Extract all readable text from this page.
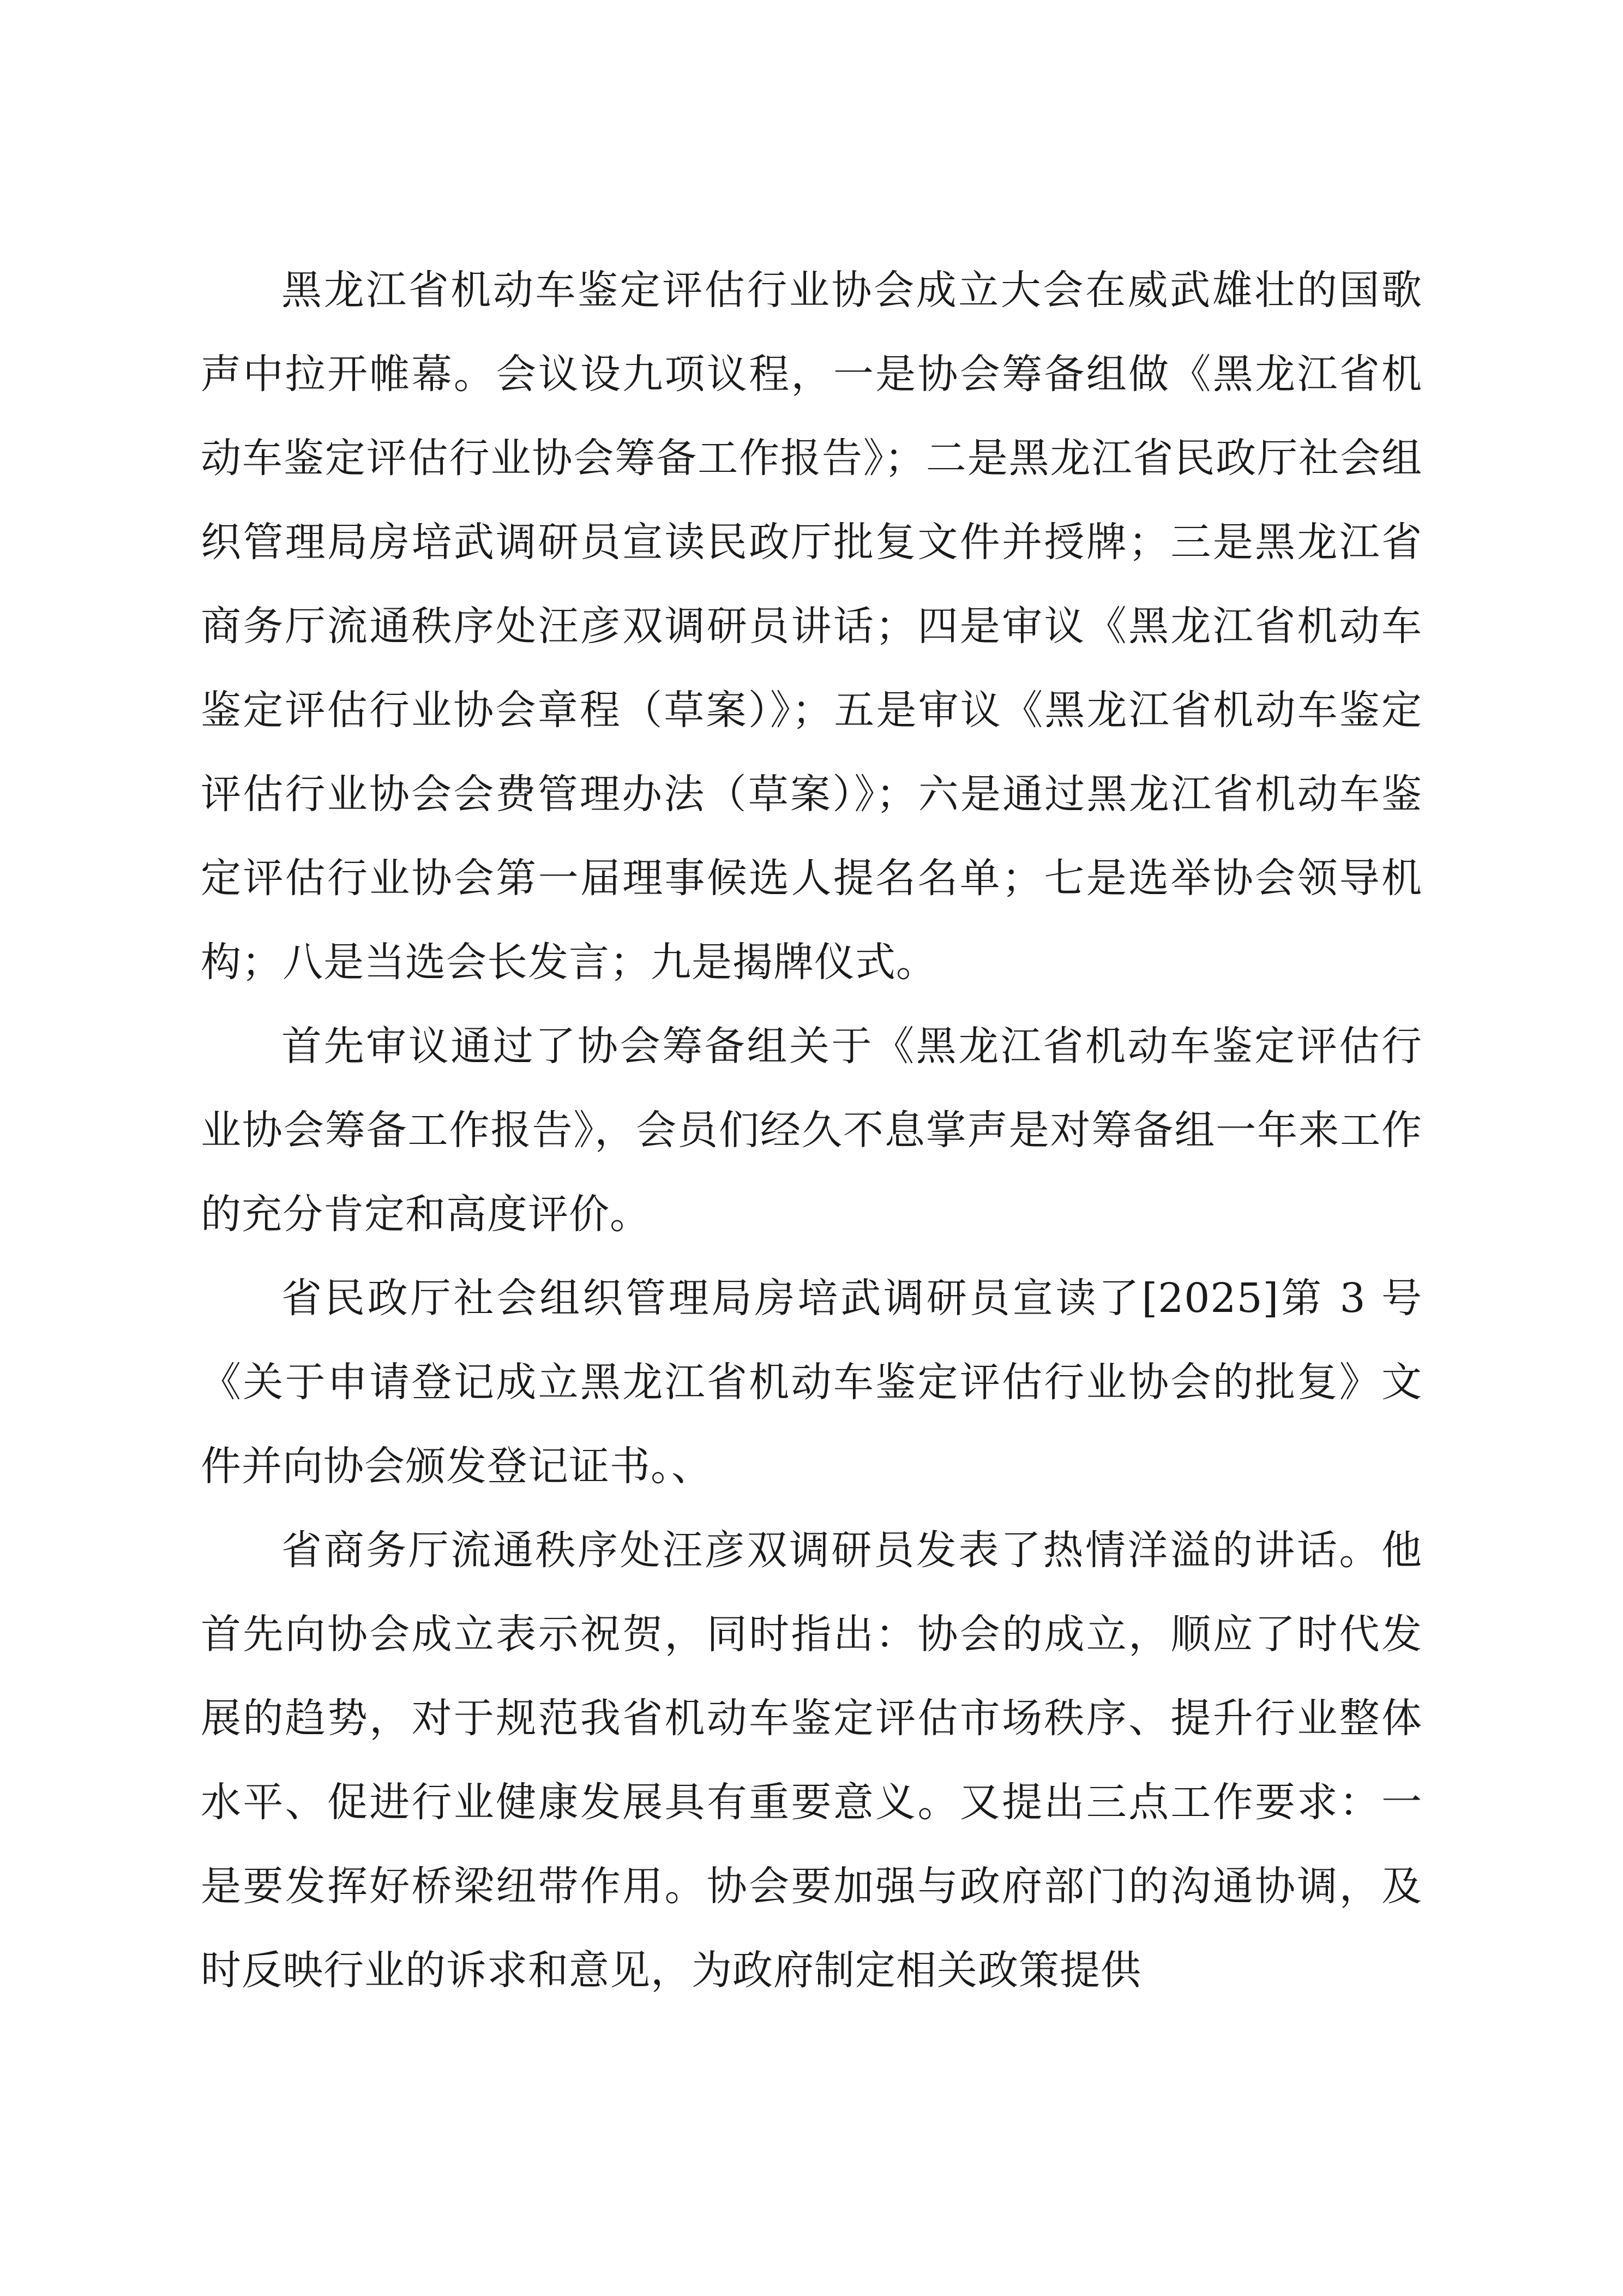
黑龙江省机动车鉴定评估行业协会成立大会在威武雄壮的国歌声中拉开帷幕。会议设九项议程，一是协会筹备组做《黑龙江省机动车鉴定评估行业协会筹备工作报告》；二是黑龙江省民政厅社会组织管理局房培武调研员宣读民政厅批复文件并授牌；三是黑龙江省商务厅流通秩序处汪彦双调研员讲话；四是审议《黑龙江省机动车鉴定评估行业协会章程（草案）》；五是审议《黑龙江省机动车鉴定评估行业协会会费管理办法（草案）》；六是通过黑龙江省机动车鉴定评估行业协会第一届理事候选人提名名单；七是选举协会领导机构；八是当选会长发言；九是揭牌仪式。

首先审议通过了协会筹备组关于《黑龙江省机动车鉴定评估行业协会筹备工作报告》，会员们经久不息掌声是对筹备组一年来工作的充分肯定和高度评价。

省民政厅社会组织管理局房培武调研员宣读了[2025]第 3 号《关于申请登记成立黑龙江省机动车鉴定评估行业协会的批复》文件并向协会颁发登记证书。、

省商务厅流通秩序处汪彦双调研员发表了热情洋溢的讲话。他首先向协会成立表示祝贺，同时指出：协会的成立，顺应了时代发展的趋势，对于规范我省机动车鉴定评估市场秩序、提升行业整体水平、促进行业健康发展具有重要意义。又提出三点工作要求：一是要发挥好桥梁纽带作用。协会要加强与政府部门的沟通协调，及时反映行业的诉求和意见，为政府制定相关政策提供
